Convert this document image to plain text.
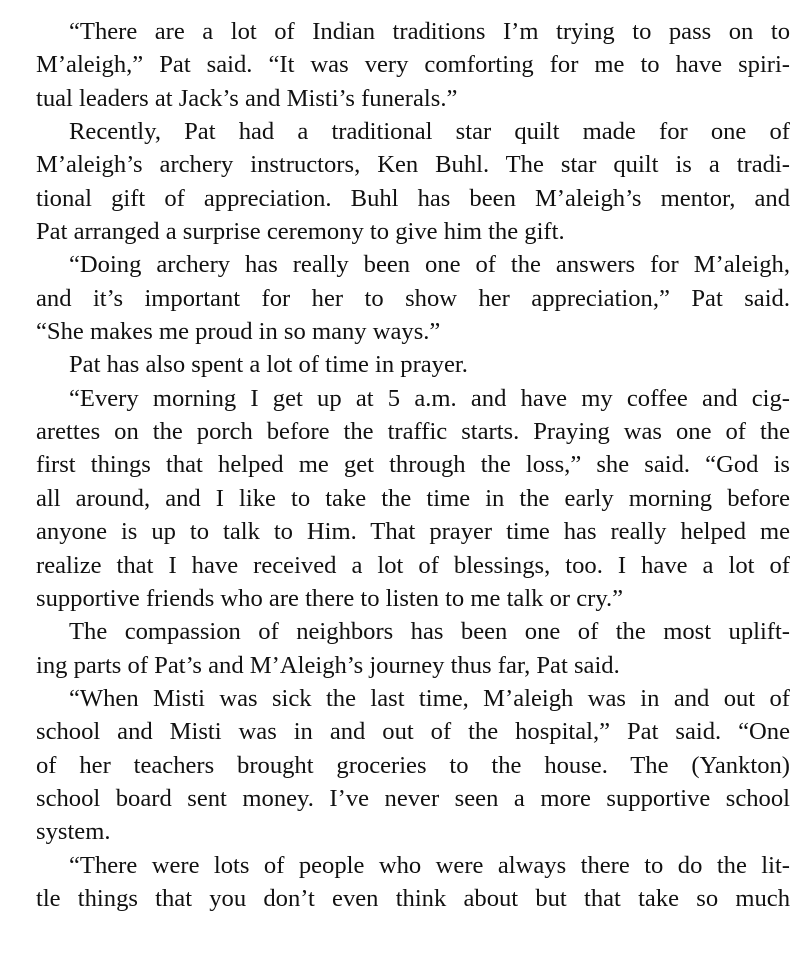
“There are a lot of Indian traditions I’m trying to pass on to
M’aleigh,” Pat said. “It was very comforting for me to have spiri-
tual leaders at Jack’s and Misti’s funerals.”
Recently, Pat had a traditional star quilt made for one of
M’aleigh’s archery instructors, Ken Buhl. The star quilt is a tradi-
tional gift of appreciation. Buhl has been M’aleigh’s mentor, and
Pat arranged a surprise ceremony to give him the gift.
“Doing archery has really been one of the answers for M’aleigh,
and it’s important for her to show her appreciation,” Pat said.
“She makes me proud in so many ways.”
Pat has also spent a lot of time in prayer.
“Every morning I get up at 5 a.m. and have my coffee and cig-
arettes on the porch before the traffic starts. Praying was one of the
first things that helped me get through the loss,” she said. “God is
all around, and I like to take the time in the early morning before
anyone is up to talk to Him. That prayer time has really helped me
realize that I have received a lot of blessings, too. I have a lot of
supportive friends who are there to listen to me talk or cry.”
The compassion of neighbors has been one of the most uplift-
ing parts of Pat’s and M’Aleigh’s journey thus far, Pat said.
“When Misti was sick the last time, M’aleigh was in and out of
school and Misti was in and out of the hospital,” Pat said. “One
of her teachers brought groceries to the house. The (Yankton)
school board sent money. I’ve never seen a more supportive school
system.
“There were lots of people who were always there to do the lit-
tle things that you don’t even think about but that take so much
